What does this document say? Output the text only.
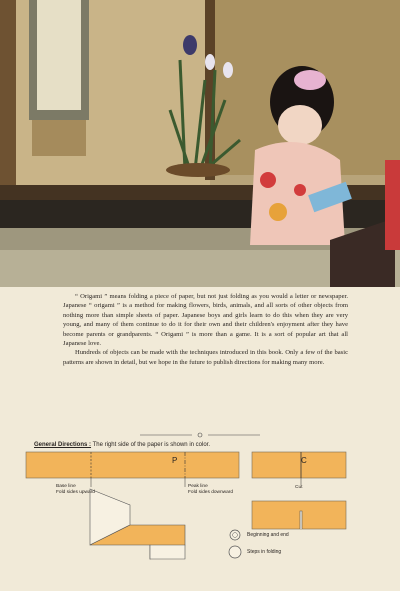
“ Origami ” means folding a piece of paper, but not just folding as you would a letter or newspaper. Japanese “ origami ” is a method for making flowers, birds, animals, and all sorts of other objects from nothing more than simple sheets of paper. Japanese boys and girls learn to do this when they are very young, and many of them continue to do it for their own and their children's enjoyment after they have become parents or grandparents. “ Origami ” is more than a game. It is a sort of popular art that all Japanese love.

Hundreds of objects can be made with the techniques introduced in this book. Only a few of the basic patterns are shown in detail, but we hope in the future to publish directions for making many more.

General Directions : The right side of the paper is shown in color.
P	C
Base line
Fold sides upward
Peak line
Fold sides downward
Cut
Beginning and end
Steps in folding
